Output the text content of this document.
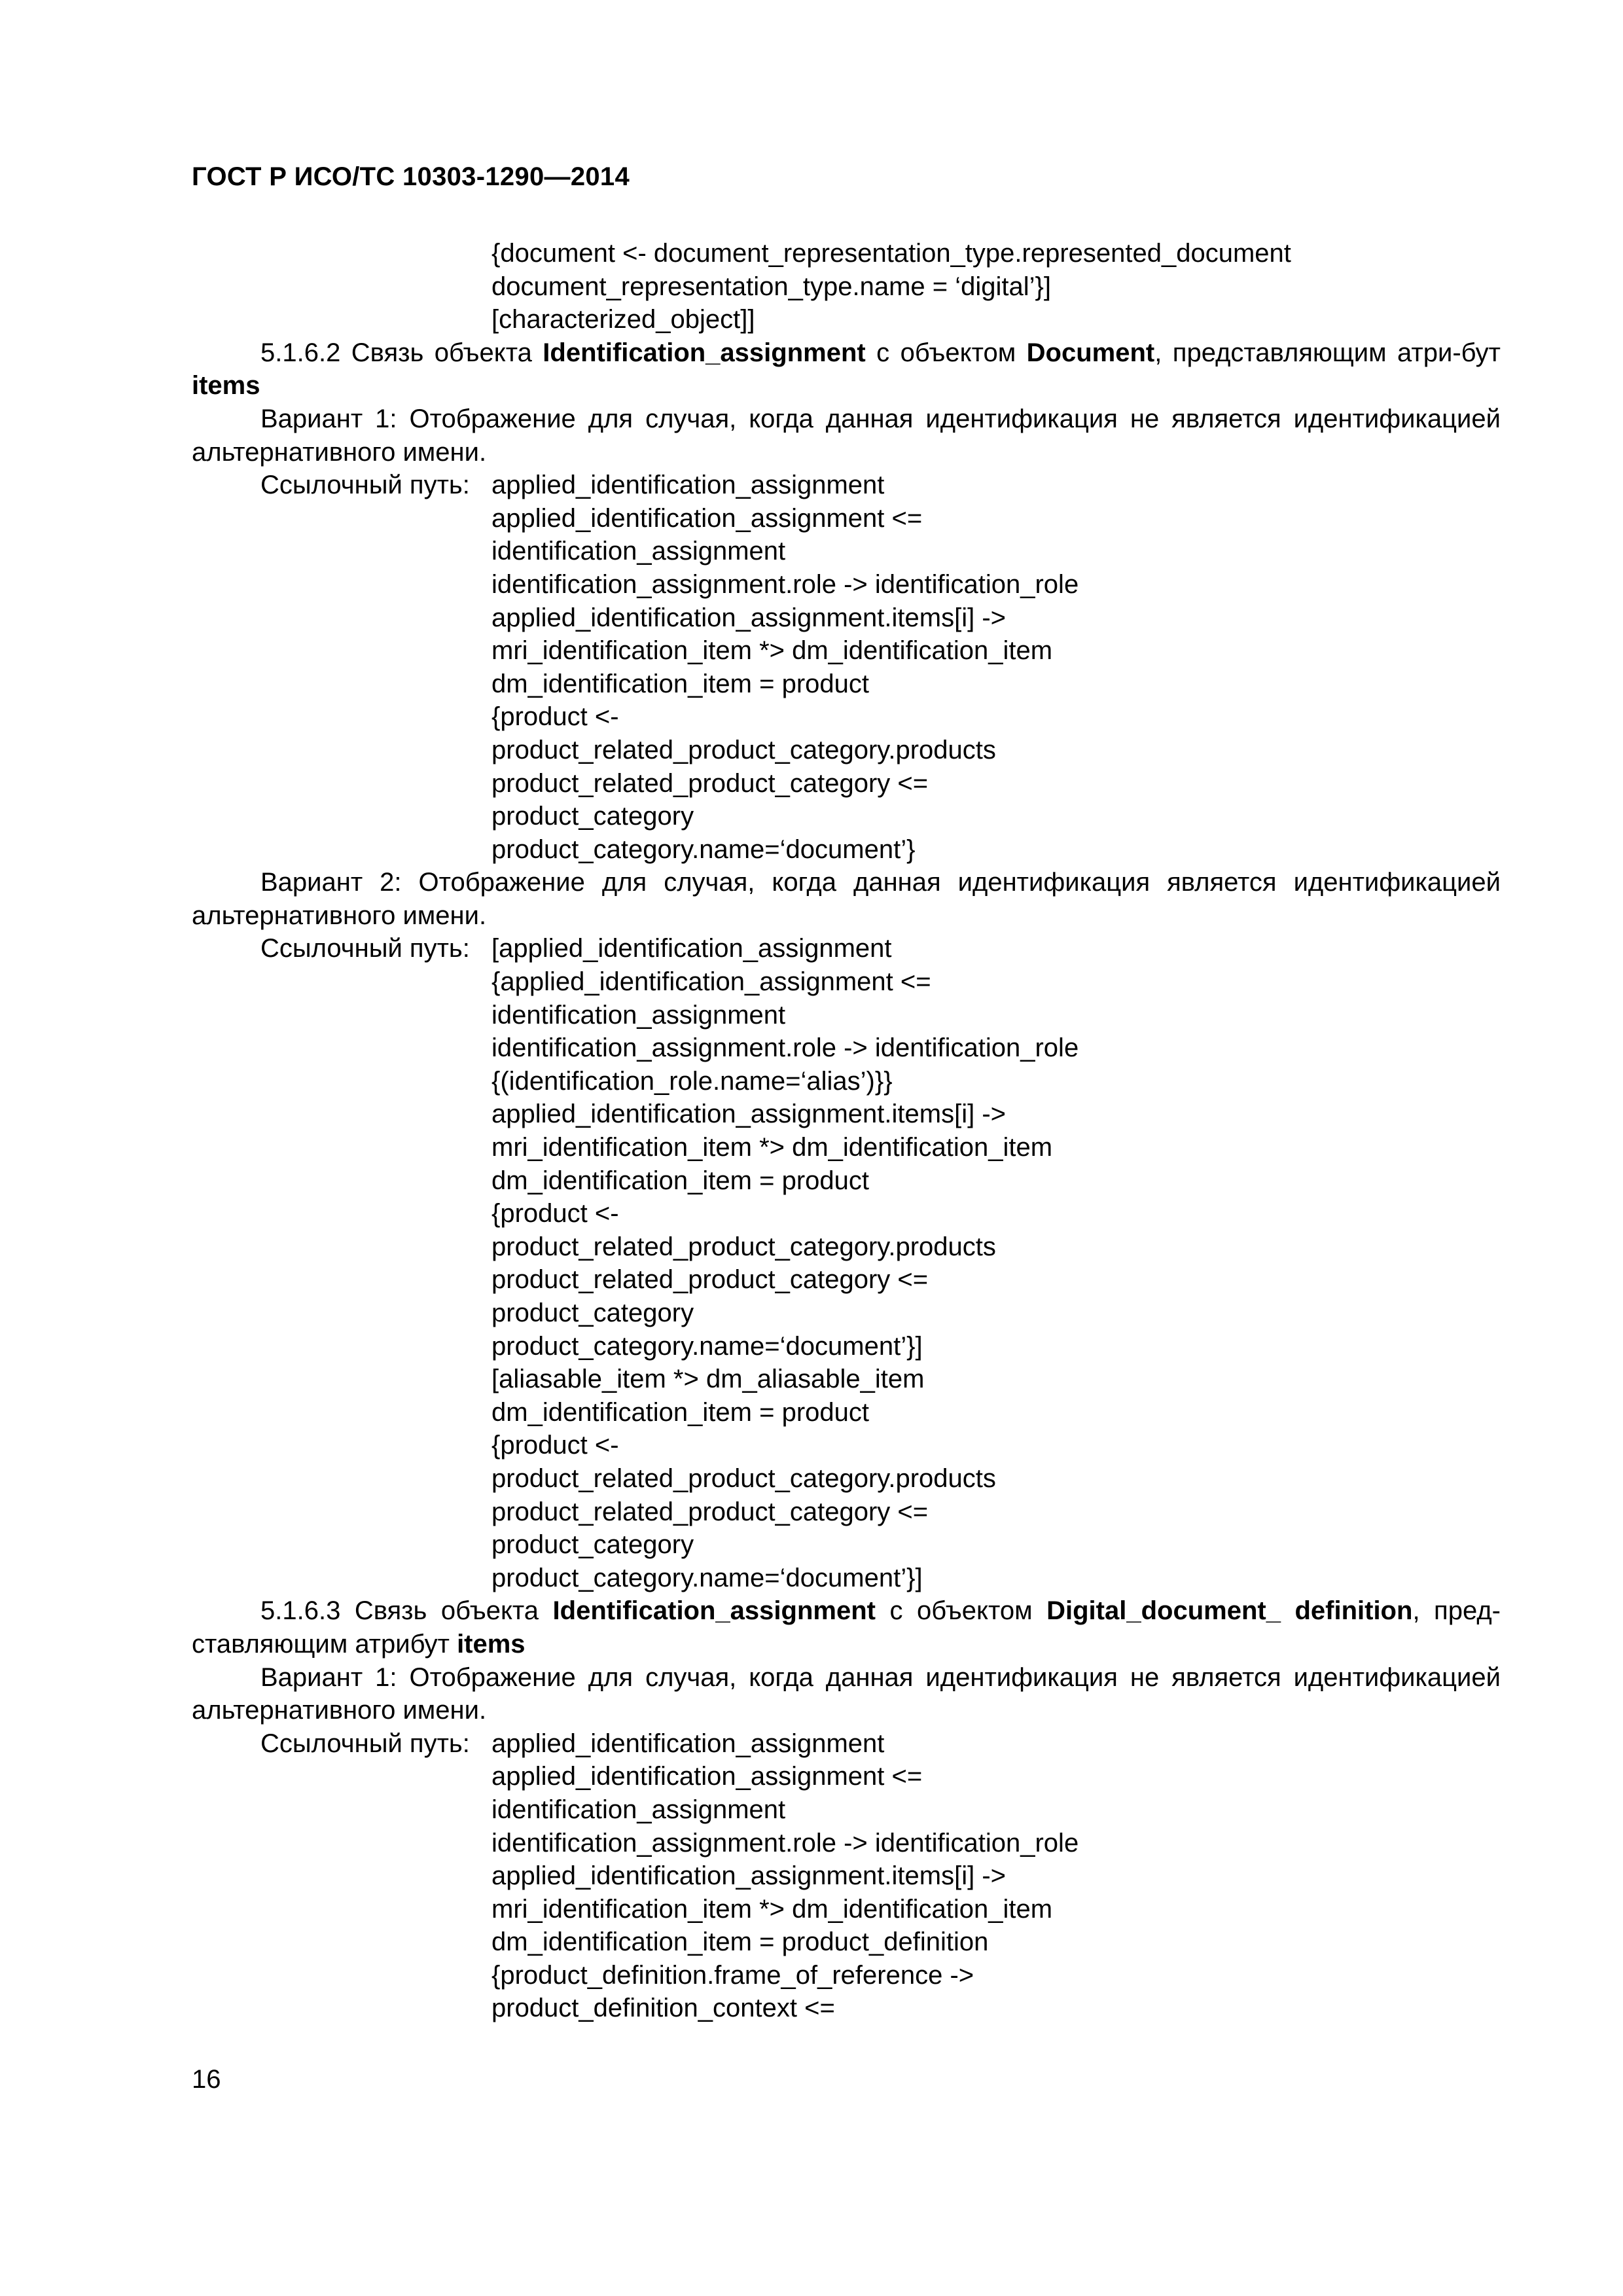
ГОСТ Р ИСО/ТС 10303-1290—2014
{document <- document_representation_type.represented_document
document_representation_type.name = ‘digital’}]
[characterized_object]]
5.1.6.2 Связь объекта Identification_assignment с объектом Document, представляющим атри-бут items
Вариант 1: Отображение для случая, когда данная идентификация не является идентификацией альтернативного имени.
Ссылочный путь: applied_identification_assignment
applied_identification_assignment <=
identification_assignment
identification_assignment.role -> identification_role
applied_identification_assignment.items[i] ->
mri_identification_item *> dm_identification_item
dm_identification_item = product
{product <-
product_related_product_category.products
product_related_product_category <=
product_category
product_category.name=‘document’}
Вариант 2: Отображение для случая, когда данная идентификация является идентификацией альтернативного имени.
Ссылочный путь: [applied_identification_assignment
{applied_identification_assignment <=
identification_assignment
identification_assignment.role -> identification_role
{(identification_role.name=‘alias’)}}
applied_identification_assignment.items[i] ->
mri_identification_item *> dm_identification_item
dm_identification_item = product
{product <-
product_related_product_category.products
product_related_product_category <=
product_category
product_category.name=‘document’}]
[aliasable_item *> dm_aliasable_item
dm_identification_item = product
{product <-
product_related_product_category.products
product_related_product_category <=
product_category
product_category.name=‘document’}]
5.1.6.3 Связь объекта Identification_assignment с объектом Digital_document_ definition, пред-ставляющим атрибут items
Вариант 1: Отображение для случая, когда данная идентификация не является идентификацией альтернативного имени.
Ссылочный путь: applied_identification_assignment
applied_identification_assignment <=
identification_assignment
identification_assignment.role -> identification_role
applied_identification_assignment.items[i] ->
mri_identification_item *> dm_identification_item
dm_identification_item = product_definition
{product_definition.frame_of_reference ->
product_definition_context <=
16
